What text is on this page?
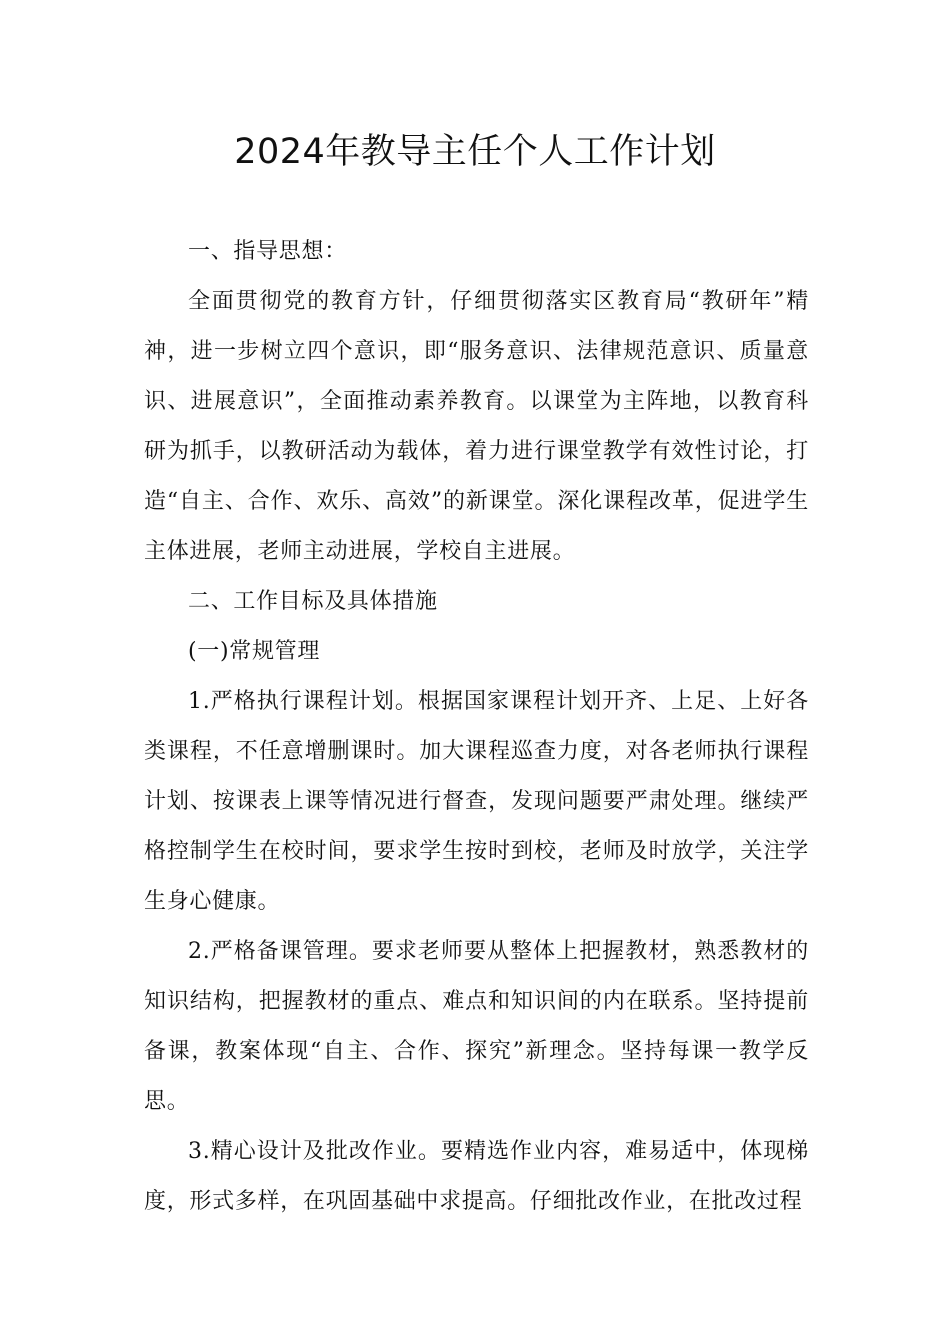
2024年教导主任个人工作计划

一、指导思想：

全面贯彻党的教育方针，仔细贯彻落实区教育局“教研年”精神，进一步树立四个意识，即“服务意识、法律规范意识、质量意识、进展意识”，全面推动素养教育。以课堂为主阵地，以教育科研为抓手，以教研活动为载体，着力进行课堂教学有效性讨论，打造“自主、合作、欢乐、高效”的新课堂。深化课程改革，促进学生主体进展，老师主动进展，学校自主进展。

二、工作目标及具体措施

(一)常规管理

1.严格执行课程计划。根据国家课程计划开齐、上足、上好各类课程，不任意增删课时。加大课程巡查力度，对各老师执行课程计划、按课表上课等情况进行督查，发现问题要严肃处理。继续严格控制学生在校时间，要求学生按时到校，老师及时放学，关注学生身心健康。

2.严格备课管理。要求老师要从整体上把握教材，熟悉教材的知识结构，把握教材的重点、难点和知识间的内在联系。坚持提前备课，教案体现“自主、合作、探究”新理念。坚持每课一教学反思。

3.精心设计及批改作业。要精选作业内容，难易适中，体现梯度，形式多样，在巩固基础中求提高。仔细批改作业，在批改过程
